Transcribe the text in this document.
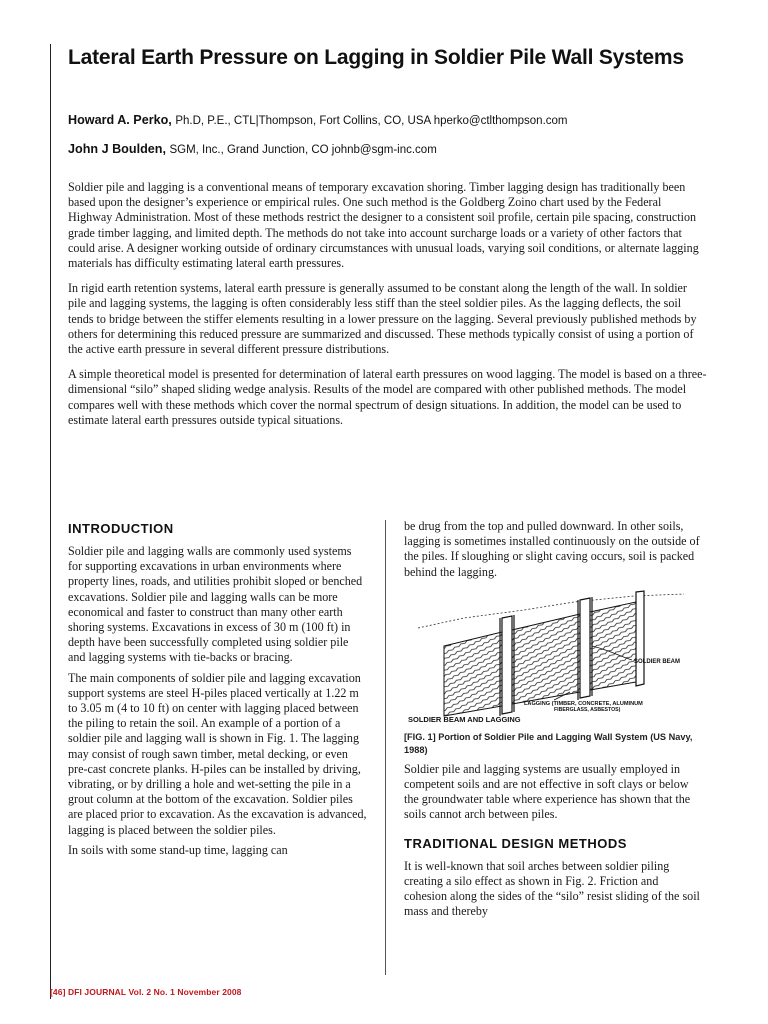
Lateral Earth Pressure on Lagging in Soldier Pile Wall Systems
Howard A. Perko, Ph.D, P.E., CTL|Thompson, Fort Collins, CO, USA hperko@ctlthompson.com
John J Boulden, SGM, Inc., Grand Junction, CO johnb@sgm-inc.com

Soldier pile and lagging is a conventional means of temporary excavation shoring. Timber lagging design has traditionally been based upon the designer’s experience or empirical rules. One such method is the Goldberg Zoino chart used by the Federal Highway Administration. Most of these methods restrict the designer to a consistent soil profile, certain pile spacing, construction grade timber lagging, and limited depth. The methods do not take into account surcharge loads or a variety of other factors that could arise. A designer working outside of ordinary circumstances with unusual loads, varying soil conditions, or alternate lagging materials has difficulty estimating lateral earth pressures.

In rigid earth retention systems, lateral earth pressure is generally assumed to be constant along the length of the wall. In soldier pile and lagging systems, the lagging is often considerably less stiff than the steel soldier piles. As the lagging deflects, the soil tends to bridge between the stiffer elements resulting in a lower pressure on the lagging. Several previously published methods by others for determining this reduced pressure are summarized and discussed. These methods typically consist of using a portion of the active earth pressure in several different pressure distributions.

A simple theoretical model is presented for determination of lateral earth pressures on wood lagging. The model is based on a three-dimensional “silo” shaped sliding wedge analysis. Results of the model are compared with other published methods. The model compares well with these methods which cover the normal spectrum of design situations. In addition, the model can be used to estimate lateral earth pressures outside typical situations.

INTRODUCTION

Soldier pile and lagging walls are commonly used systems for supporting excavations in urban environments where property lines, roads, and utilities prohibit sloped or benched excavations. Soldier pile and lagging walls can be more economical and faster to construct than many other earth shoring systems. Excavations in excess of 30 m (100 ft) in depth have been successfully completed using soldier pile and lagging systems with tie-backs or bracing.

The main components of soldier pile and lagging excavation support systems are steel H-piles placed vertically at 1.22 m to 3.05 m (4 to 10 ft) on center with lagging placed between the piling to retain the soil. An example of a portion of a soldier pile and lagging wall is shown in Fig. 1. The lagging may consist of rough sawn timber, metal decking, or even pre-cast concrete planks. H-piles can be installed by driving, vibrating, or by drilling a hole and wet-setting the pile in a grout column at the bottom of the excavation. Soldier piles are placed prior to excavation. As the excavation is advanced, lagging is placed between the soldier piles.

In soils with some stand-up time, lagging can

be drug from the top and pulled downward. In other soils, lagging is sometimes installed continuously on the outside of the piles. If sloughing or slight caving occurs, soil is packed behind the lagging.

SOLDIER BEAM
LAGGING (TIMBER, CONCRETE, ALUMINUM
FIBERGLASS, ASBESTOS)
SOLDIER BEAM AND LAGGING

[FIG. 1] Portion of Soldier Pile and Lagging Wall System (US Navy, 1988)

Soldier pile and lagging systems are usually employed in competent soils and are not effective in soft clays or below the groundwater table where experience has shown that the soils cannot arch between piles.

TRADITIONAL DESIGN METHODS

It is well-known that soil arches between soldier piling creating a silo effect as shown in Fig. 2. Friction and cohesion along the sides of the “silo” resist sliding of the soil mass and thereby

[46] DFI JOURNAL Vol. 2 No. 1 November 2008
